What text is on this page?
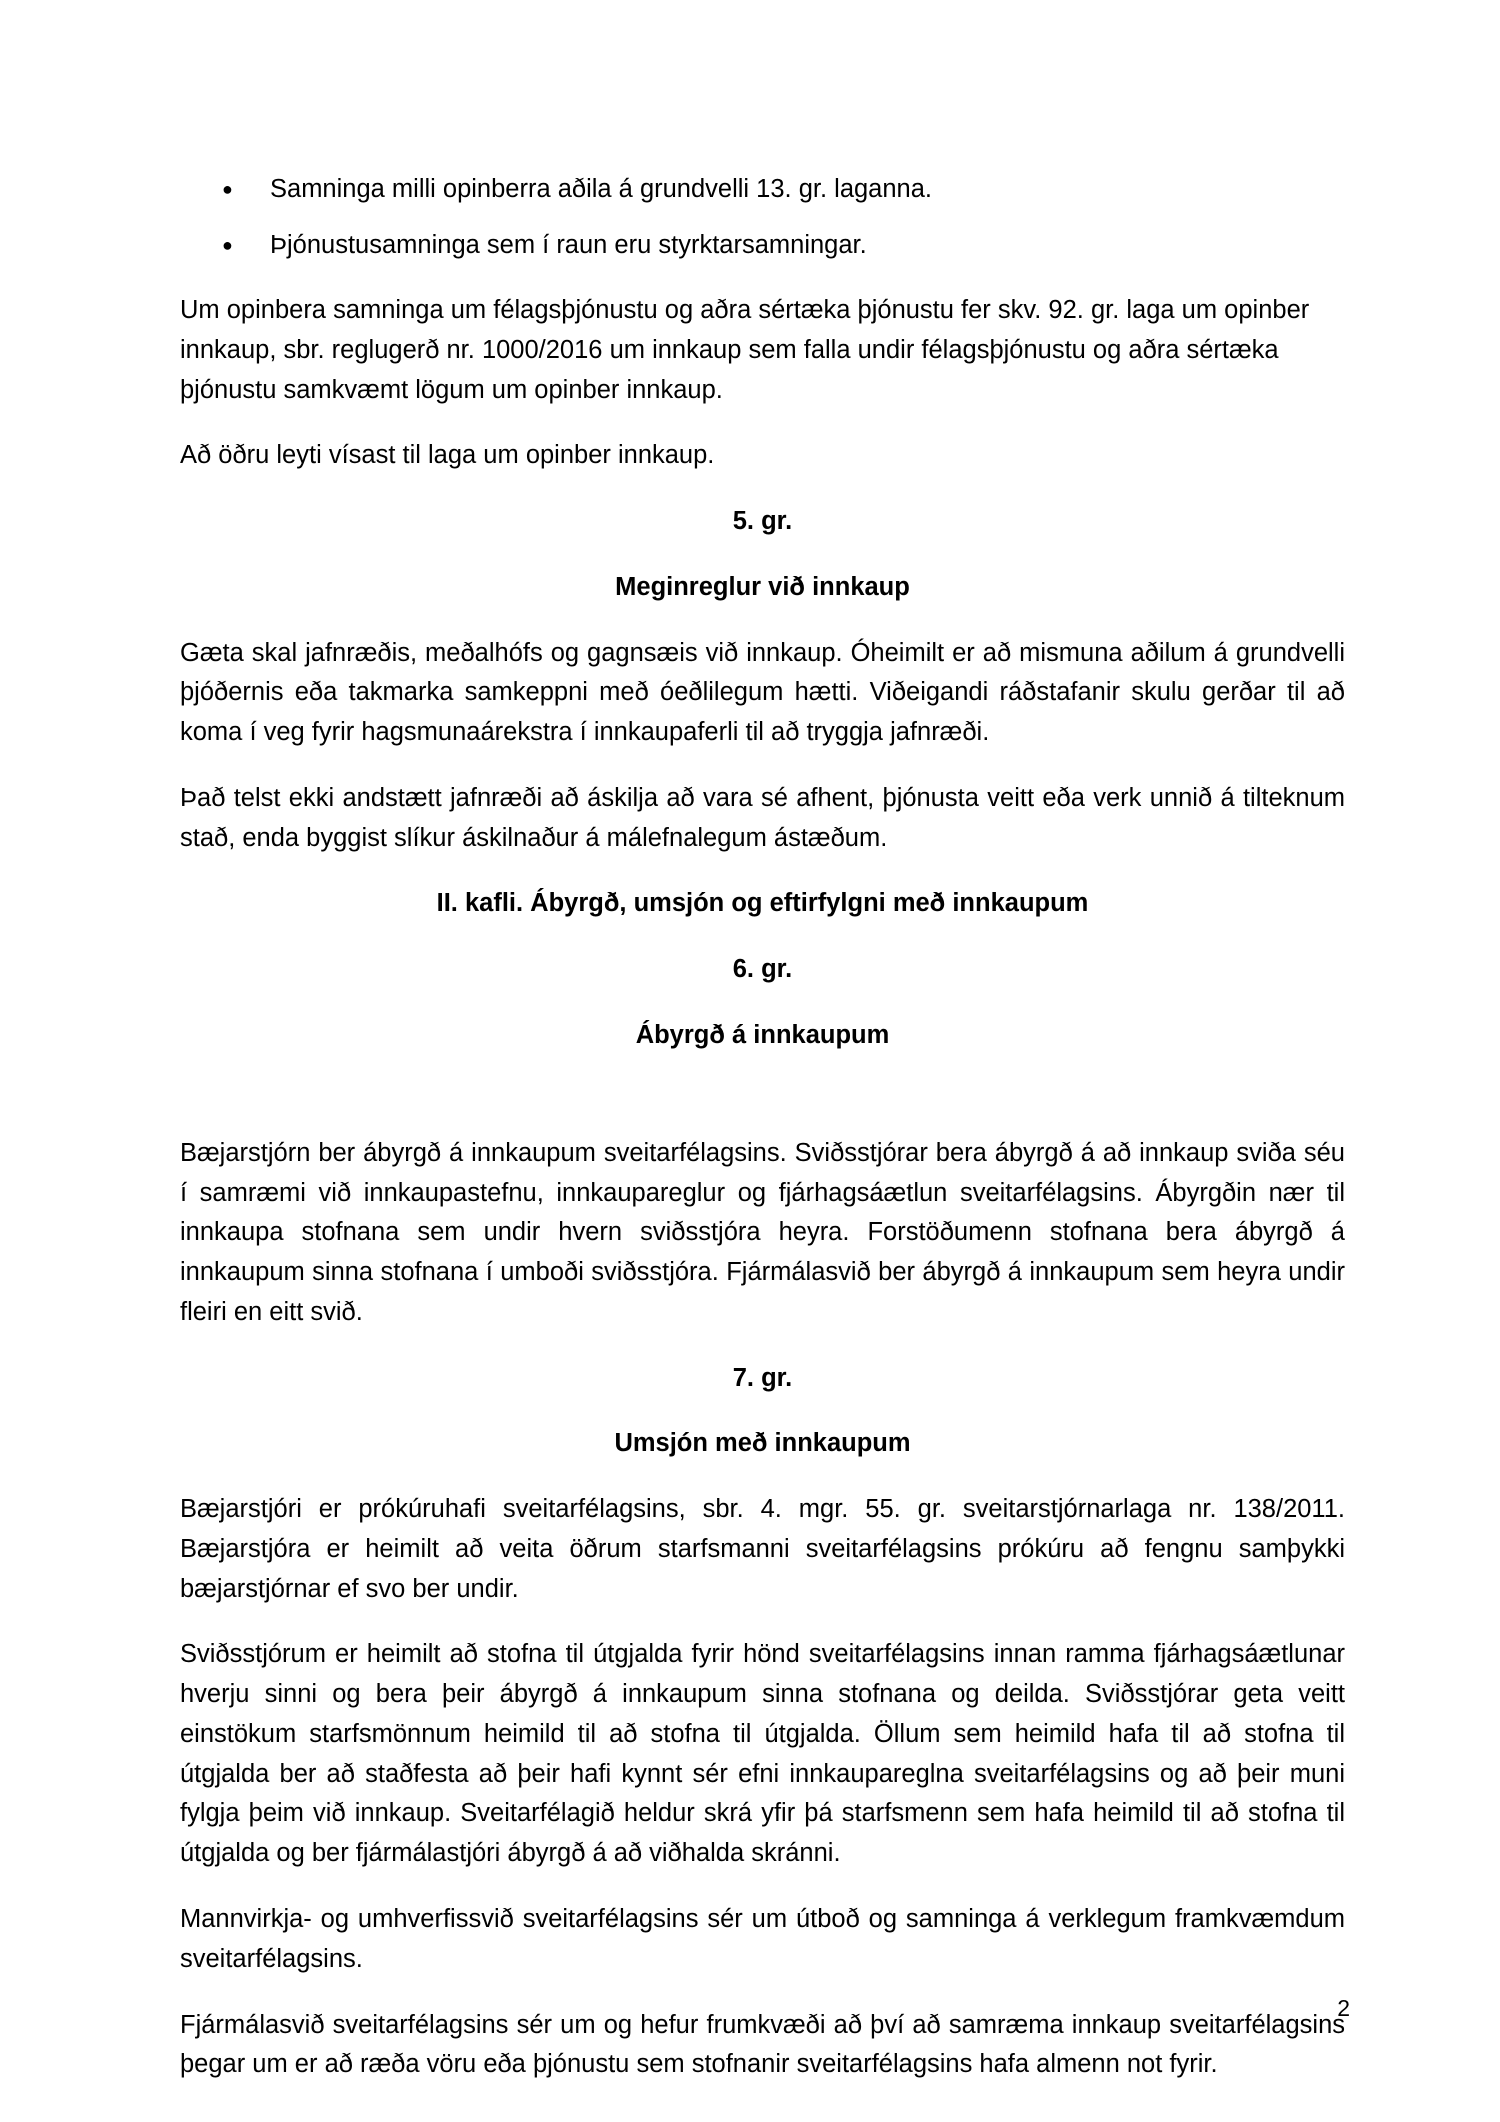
● Samninga milli opinberra aðila á grundvelli 13. gr. laganna.
● Þjónustusamninga sem í raun eru styrktarsamningar.

Um opinbera samninga um félagsþjónustu og aðra sértæka þjónustu fer skv. 92. gr. laga um opinber innkaup, sbr. reglugerð nr. 1000/2016 um innkaup sem falla undir félagsþjónustu og aðra sértæka þjónustu samkvæmt lögum um opinber innkaup.

Að öðru leyti vísast til laga um opinber innkaup.

5. gr.

Meginreglur við innkaup

Gæta skal jafnræðis, meðalhófs og gagnsæis við innkaup. Óheimilt er að mismuna aðilum á grundvelli þjóðernis eða takmarka samkeppni með óeðlilegum hætti. Viðeigandi ráðstafanir skulu gerðar til að koma í veg fyrir hagsmunaárekstra í innkaupaferli til að tryggja jafnræði.

Það telst ekki andstætt jafnræði að áskilja að vara sé afhent, þjónusta veitt eða verk unnið á tilteknum stað, enda byggist slíkur áskilnaður á málefnalegum ástæðum.

II. kafli. Ábyrgð, umsjón og eftirfylgni með innkaupum

6. gr.

Ábyrgð á innkaupum

Bæjarstjórn ber ábyrgð á innkaupum sveitarfélagsins. Sviðsstjórar bera ábyrgð á að innkaup sviða séu í samræmi við innkaupastefnu, innkaupareglur og fjárhagsáætlun sveitarfélagsins. Ábyrgðin nær til innkaupa stofnana sem undir hvern sviðsstjóra heyra. Forstöðumenn stofnana bera ábyrgð á innkaupum sinna stofnana í umboði sviðsstjóra. Fjármálasvið ber ábyrgð á innkaupum sem heyra undir fleiri en eitt svið.

7. gr.

Umsjón með innkaupum

Bæjarstjóri er prókúruhafi sveitarfélagsins, sbr. 4. mgr. 55. gr. sveitarstjórnarlaga nr. 138/2011. Bæjarstjóra er heimilt að veita öðrum starfsmanni sveitarfélagsins prókúru að fengnu samþykki bæjarstjórnar ef svo ber undir.

Sviðsstjórum er heimilt að stofna til útgjalda fyrir hönd sveitarfélagsins innan ramma fjárhagsáætlunar hverju sinni og bera þeir ábyrgð á innkaupum sinna stofnana og deilda. Sviðsstjórar geta veitt einstökum starfsmönnum heimild til að stofna til útgjalda. Öllum sem heimild hafa til að stofna til útgjalda ber að staðfesta að þeir hafi kynnt sér efni innkaupareglna sveitarfélagsins og að þeir muni fylgja þeim við innkaup. Sveitarfélagið heldur skrá yfir þá starfsmenn sem hafa heimild til að stofna til útgjalda og ber fjármálastjóri ábyrgð á að viðhalda skránni.

Mannvirkja- og umhverfissvið sveitarfélagsins sér um útboð og samninga á verklegum framkvæmdum sveitarfélagsins.

Fjármálasvið sveitarfélagsins sér um og hefur frumkvæði að því að samræma innkaup sveitarfélagsins þegar um er að ræða vöru eða þjónustu sem stofnanir sveitarfélagsins hafa almenn not fyrir.

2
